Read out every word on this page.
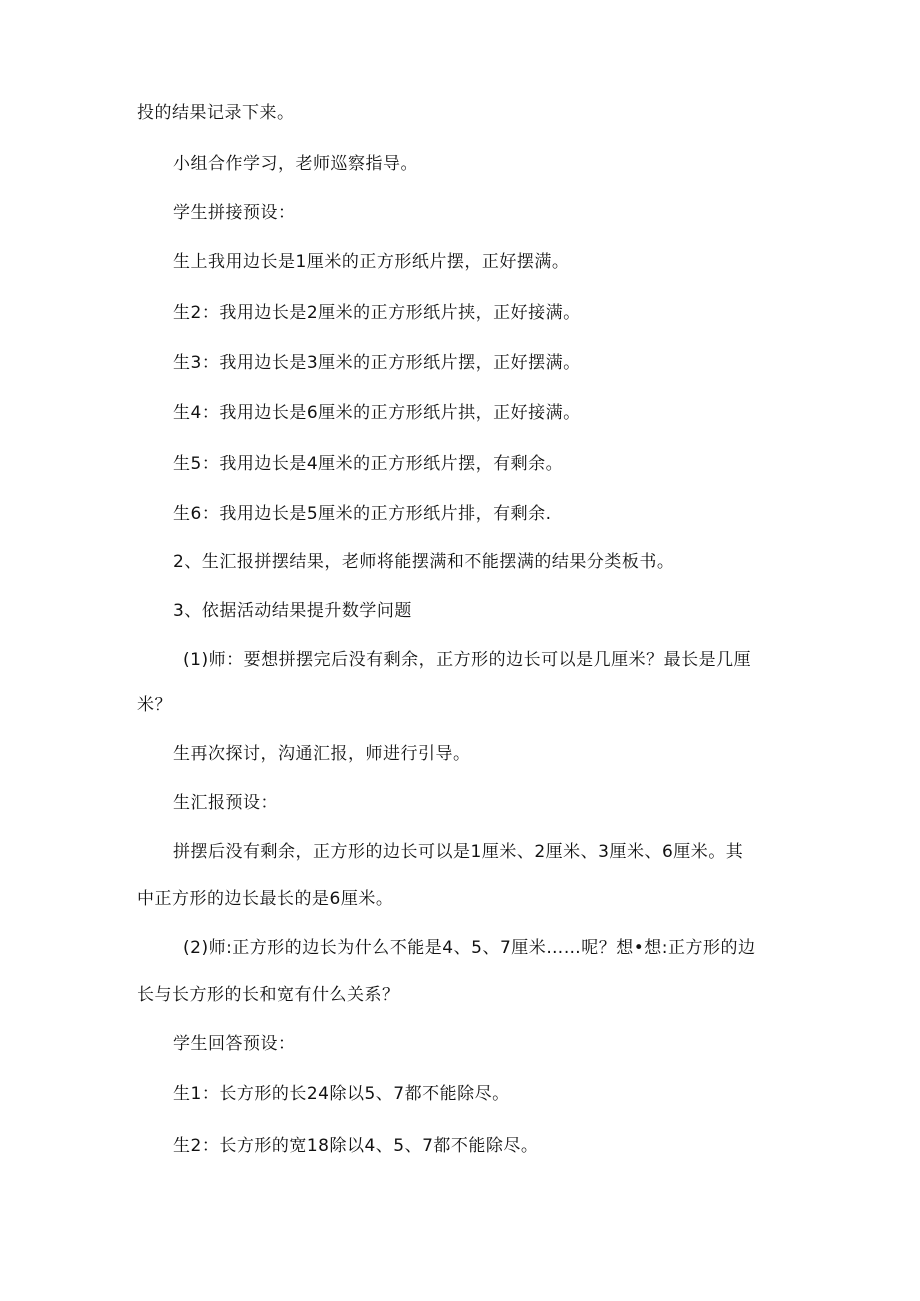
投的结果记录下来。

小组合作学习，老师巡察指导。

学生拼接预设：

生上我用边长是1厘米的正方形纸片摆，正好摆满。

生2：我用边长是2厘米的正方形纸片挟，正好接满。

生3：我用边长是3厘米的正方形纸片摆，正好摆满。

生4：我用边长是6厘米的正方形纸片拱，正好接满。

生5：我用边长是4厘米的正方形纸片摆，有剩余。

生6：我用边长是5厘米的正方形纸片排，有剩余.

2、生汇报拼摆结果，老师将能摆满和不能摆满的结果分类板书。

3、依据活动结果提升数学问题

(1)师：要想拼摆完后没有剩余，正方形的边长可以是几厘米？最长是几厘

米？

生再次探讨，沟通汇报，师进行引导。

生汇报预设：

拼摆后没有剩余，正方形的边长可以是1厘米、2厘米、3厘米、6厘米。其

中正方形的边长最长的是6厘米。

(2)师:正方形的边长为什么不能是4、5、7厘米……呢？想•想:正方形的边

长与长方形的长和宽有什么关系？

学生回答预设：

生1：长方形的长24除以5、7都不能除尽。

生2：长方形的宽18除以4、5、7都不能除尽。
